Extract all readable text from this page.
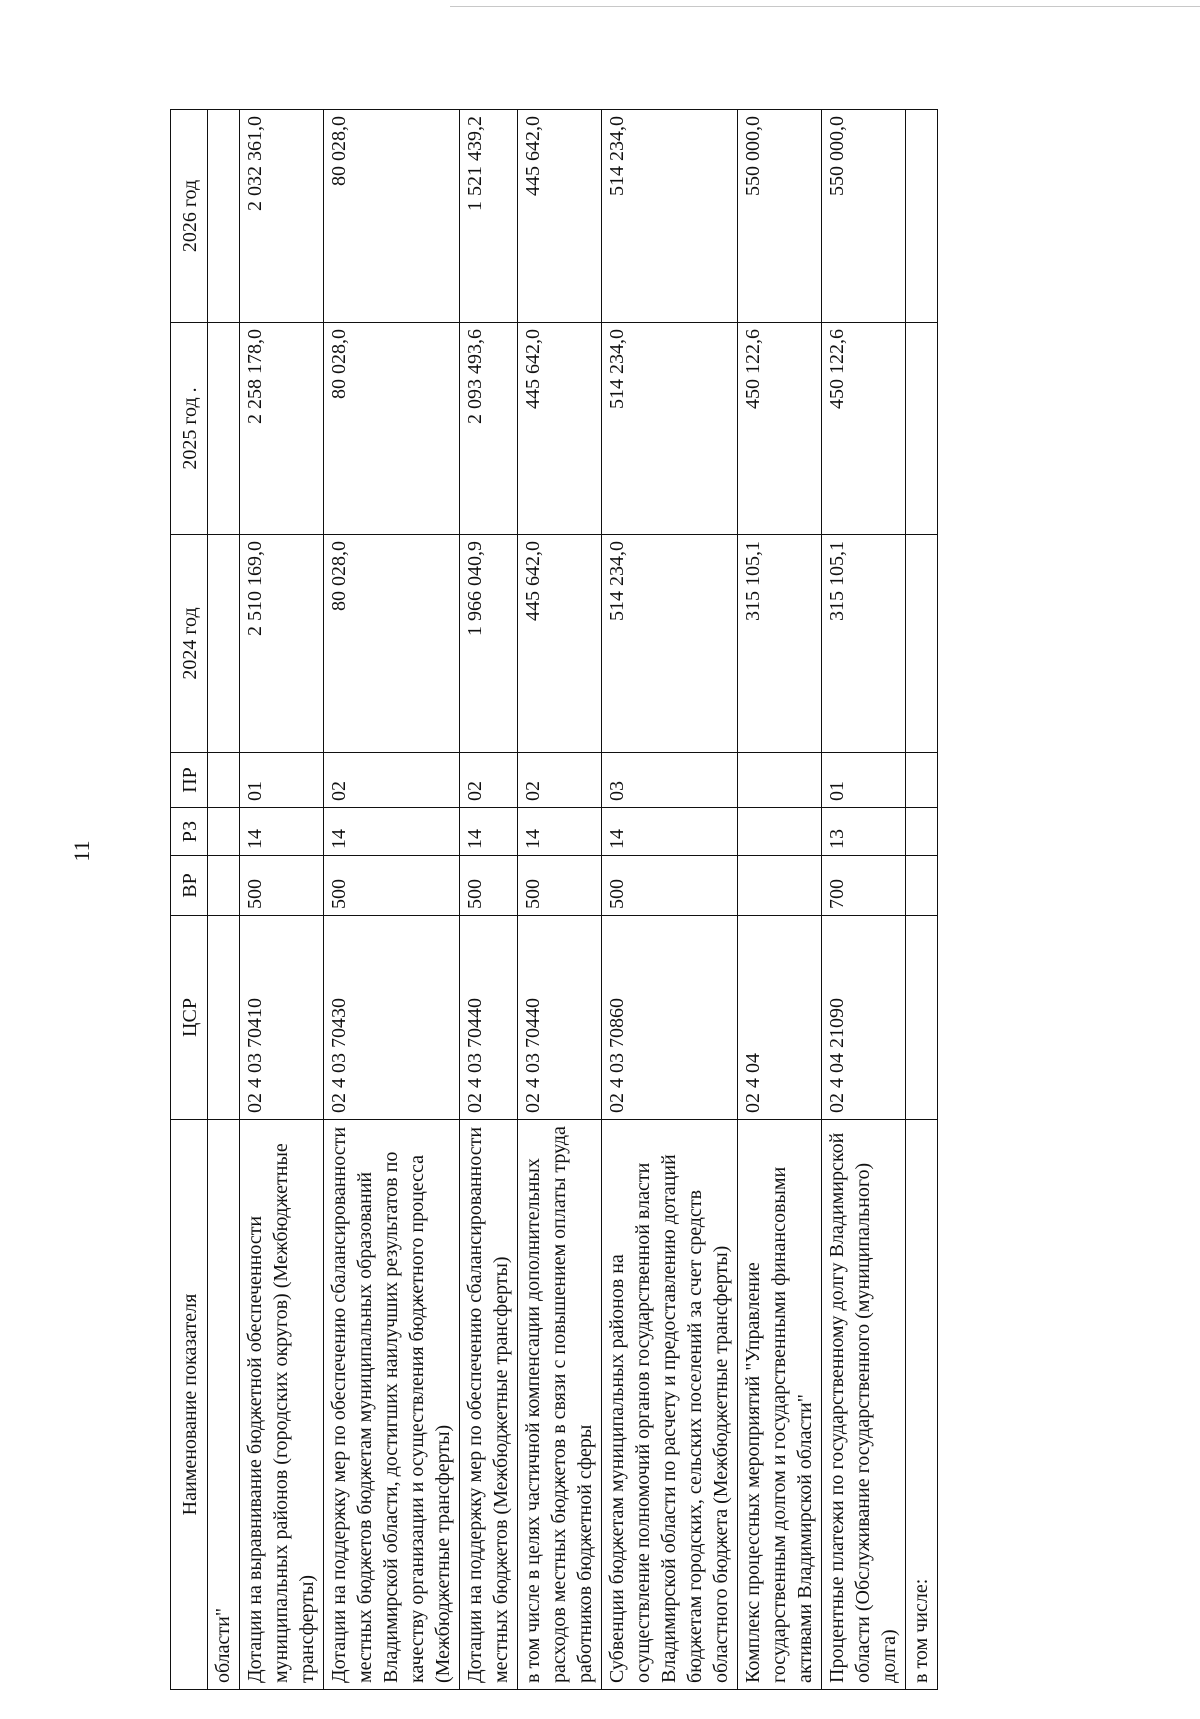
11
Наименование показателя	ЦСР	ВР	РЗ	ПР	2024 год	2025 год .	2026 год
области"							
Дотации на выравнивание бюджетной обеспеченности муниципальных районов (городских округов) (Межбюджетные трансферты)	02 4 03 70410	500	14	01	2 510 169,0	2 258 178,0	2 032 361,0
Дотации на поддержку мер по обеспечению сбалансированности местных бюджетов бюджетам муниципальных образований Владимирской области, достигших наилучших результатов по качеству организации и осуществления бюджетного процесса (Межбюджетные трансферты)	02 4 03 70430	500	14	02	80 028,0	80 028,0	80 028,0
Дотации на поддержку мер по обеспечению сбалансированности местных бюджетов (Межбюджетные трансферты)	02 4 03 70440	500	14	02	1 966 040,9	2 093 493,6	1 521 439,2
в том числе в целях частичной компенсации дополнительных расходов местных бюджетов в связи с повышением оплаты труда работников бюджетной сферы	02 4 03 70440	500	14	02	445 642,0	445 642,0	445 642,0
Субвенции бюджетам муниципальных районов на осуществление полномочий органов государственной власти Владимирской области по расчету и предоставлению дотаций бюджетам городских, сельских поселений за счет средств областного бюджета (Межбюджетные трансферты)	02 4 03 70860	500	14	03	514 234,0	514 234,0	514 234,0
Комплекс процессных мероприятий "Управление государственным долгом и государственными финансовыми активами Владимирской области"	02 4 04				315 105,1	450 122,6	550 000,0
Процентные платежи по государственному долгу Владимирской области (Обслуживание государственного (муниципального) долга)	02 4 04 21090	700	13	01	315 105,1	450 122,6	550 000,0
в том числе:							
